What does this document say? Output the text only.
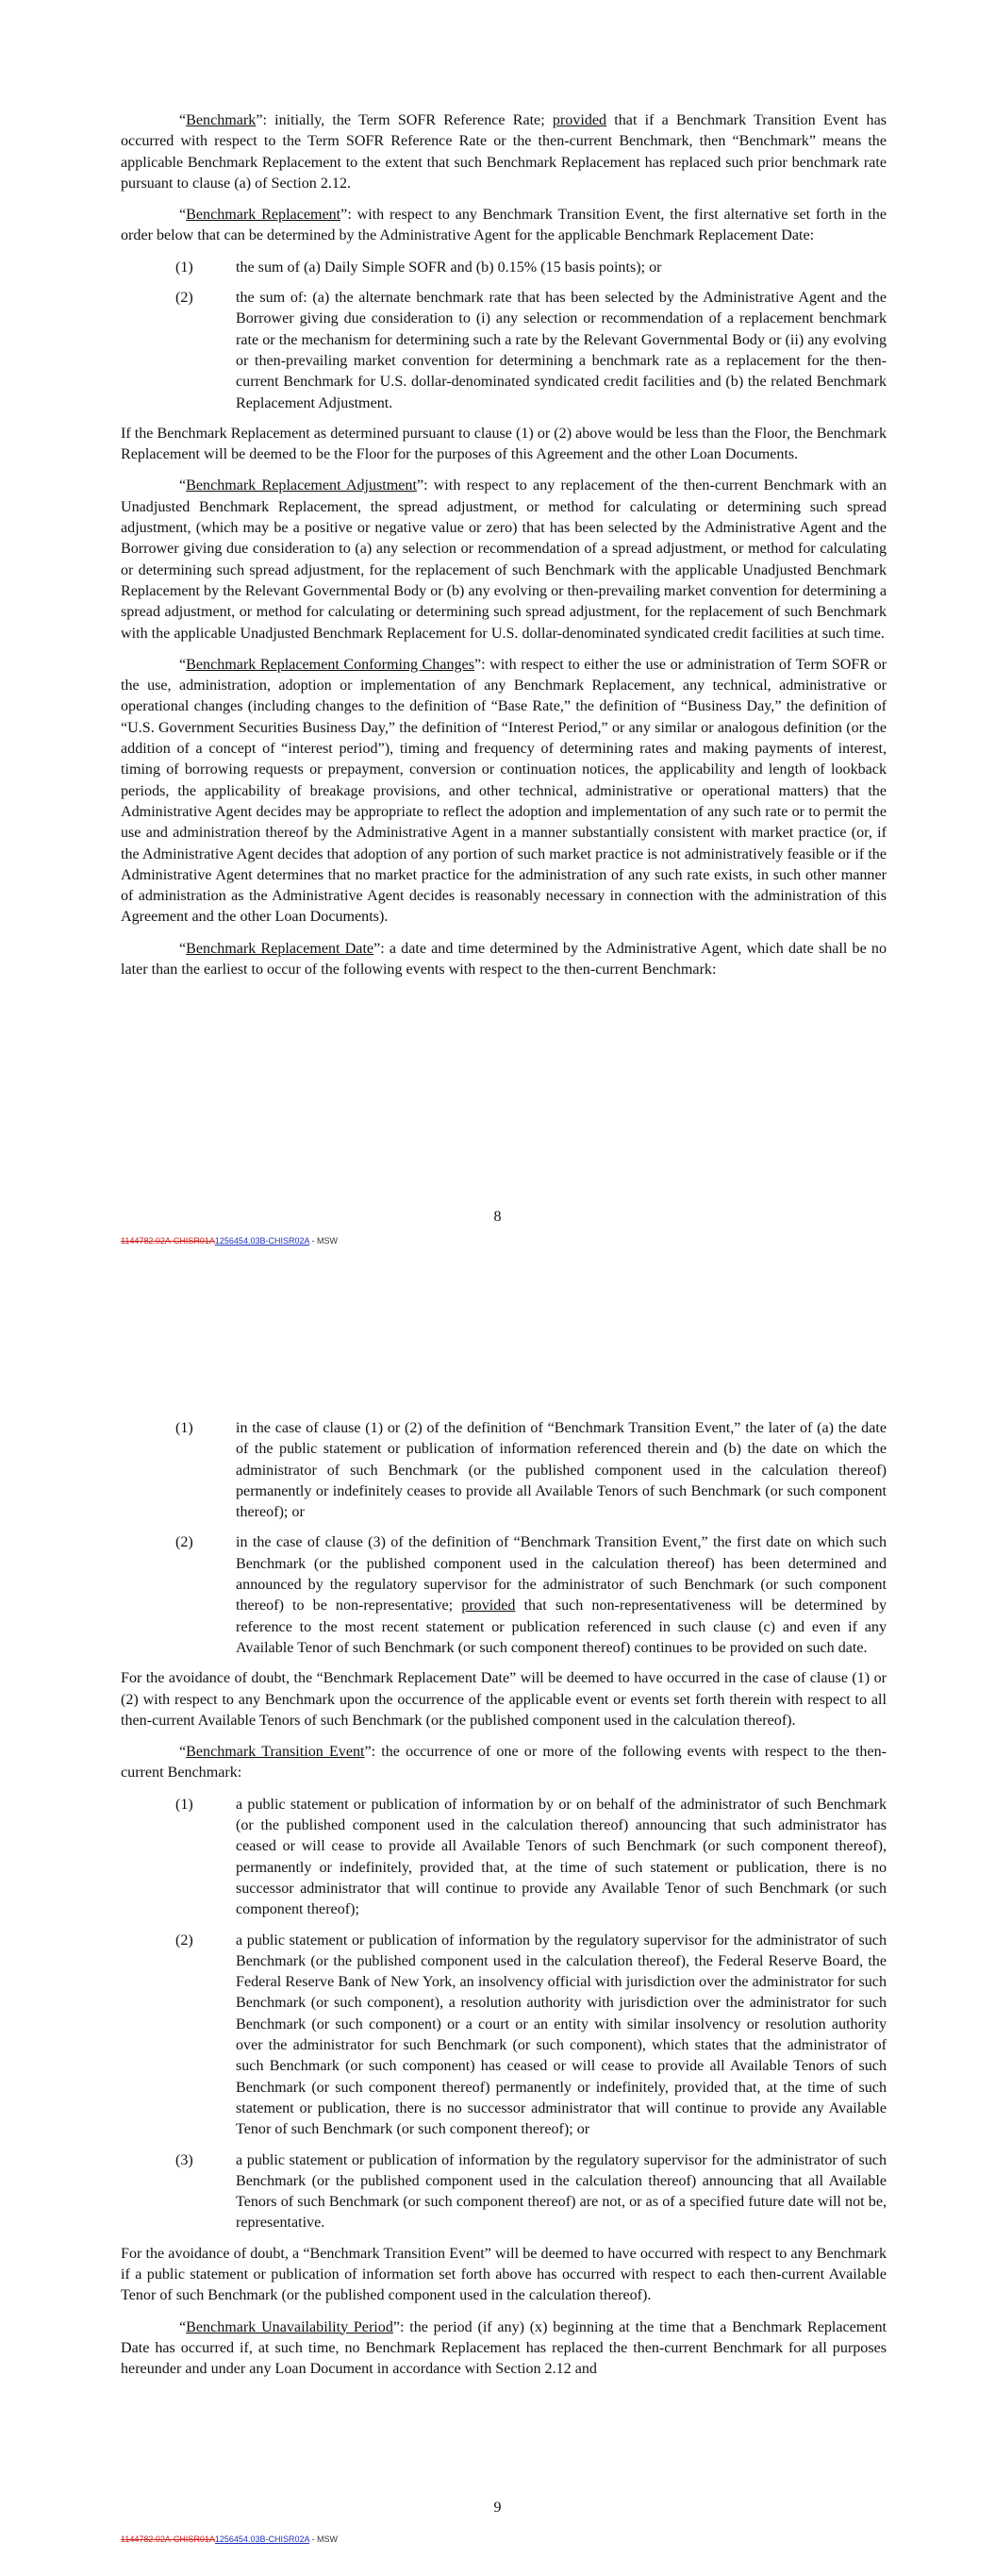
“Benchmark”: initially, the Term SOFR Reference Rate; provided that if a Benchmark Transition Event has occurred with respect to the Term SOFR Reference Rate or the then-current Benchmark, then “Benchmark” means the applicable Benchmark Replacement to the extent that such Benchmark Replacement has replaced such prior benchmark rate pursuant to clause (a) of Section 2.12.

“Benchmark Replacement”: with respect to any Benchmark Transition Event, the first alternative set forth in the order below that can be determined by the Administrative Agent for the applicable Benchmark Replacement Date:

(1)	the sum of (a) Daily Simple SOFR and (b) 0.15% (15 basis points); or
(2)	the sum of: (a) the alternate benchmark rate that has been selected by the Administrative Agent and the Borrower giving due consideration to (i) any selection or recommendation of a replacement benchmark rate or the mechanism for determining such a rate by the Relevant Governmental Body or (ii) any evolving or then-prevailing market convention for determining a benchmark rate as a replacement for the then-current Benchmark for U.S. dollar-denominated syndicated credit facilities and (b) the related Benchmark Replacement Adjustment.

If the Benchmark Replacement as determined pursuant to clause (1) or (2) above would be less than the Floor, the Benchmark Replacement will be deemed to be the Floor for the purposes of this Agreement and the other Loan Documents.

“Benchmark Replacement Adjustment”: with respect to any replacement of the then-current Benchmark with an Unadjusted Benchmark Replacement, the spread adjustment, or method for calculating or determining such spread adjustment, (which may be a positive or negative value or zero) that has been selected by the Administrative Agent and the Borrower giving due consideration to (a) any selection or recommendation of a spread adjustment, or method for calculating or determining such spread adjustment, for the replacement of such Benchmark with the applicable Unadjusted Benchmark Replacement by the Relevant Governmental Body or (b) any evolving or then-prevailing market convention for determining a spread adjustment, or method for calculating or determining such spread adjustment, for the replacement of such Benchmark with the applicable Unadjusted Benchmark Replacement for U.S. dollar-denominated syndicated credit facilities at such time.

“Benchmark Replacement Conforming Changes”: with respect to either the use or administration of Term SOFR or the use, administration, adoption or implementation of any Benchmark Replacement, any technical, administrative or operational changes (including changes to the definition of “Base Rate,” the definition of “Business Day,” the definition of “U.S. Government Securities Business Day,” the definition of “Interest Period,” or any similar or analogous definition (or the addition of a concept of “interest period”), timing and frequency of determining rates and making payments of interest, timing of borrowing requests or prepayment, conversion or continuation notices, the applicability and length of lookback periods, the applicability of breakage provisions, and other technical, administrative or operational matters) that the Administrative Agent decides may be appropriate to reflect the adoption and implementation of any such rate or to permit the use and administration thereof by the Administrative Agent in a manner substantially consistent with market practice (or, if the Administrative Agent decides that adoption of any portion of such market practice is not administratively feasible or if the Administrative Agent determines that no market practice for the administration of any such rate exists, in such other manner of administration as the Administrative Agent decides is reasonably necessary in connection with the administration of this Agreement and the other Loan Documents).

“Benchmark Replacement Date”: a date and time determined by the Administrative Agent, which date shall be no later than the earliest to occur of the following events with respect to the then-current Benchmark:

8
1144782.02A-CHISR01A1256454.03B-CHISR02A - MSW
(1)	in the case of clause (1) or (2) of the definition of “Benchmark Transition Event,” the later of (a) the date of the public statement or publication of information referenced therein and (b) the date on which the administrator of such Benchmark (or the published component used in the calculation thereof) permanently or indefinitely ceases to provide all Available Tenors of such Benchmark (or such component thereof); or
(2)	in the case of clause (3) of the definition of “Benchmark Transition Event,” the first date on which such Benchmark (or the published component used in the calculation thereof) has been determined and announced by the regulatory supervisor for the administrator of such Benchmark (or such component thereof) to be non-representative; provided that such non-representativeness will be determined by reference to the most recent statement or publication referenced in such clause (c) and even if any Available Tenor of such Benchmark (or such component thereof) continues to be provided on such date.

For the avoidance of doubt, the “Benchmark Replacement Date” will be deemed to have occurred in the case of clause (1) or (2) with respect to any Benchmark upon the occurrence of the applicable event or events set forth therein with respect to all then-current Available Tenors of such Benchmark (or the published component used in the calculation thereof).

“Benchmark Transition Event”: the occurrence of one or more of the following events with respect to the then-current Benchmark:

(1)	a public statement or publication of information by or on behalf of the administrator of such Benchmark (or the published component used in the calculation thereof) announcing that such administrator has ceased or will cease to provide all Available Tenors of such Benchmark (or such component thereof), permanently or indefinitely, provided that, at the time of such statement or publication, there is no successor administrator that will continue to provide any Available Tenor of such Benchmark (or such component thereof);
(2)	a public statement or publication of information by the regulatory supervisor for the administrator of such Benchmark (or the published component used in the calculation thereof), the Federal Reserve Board, the Federal Reserve Bank of New York, an insolvency official with jurisdiction over the administrator for such Benchmark (or such component), a resolution authority with jurisdiction over the administrator for such Benchmark (or such component) or a court or an entity with similar insolvency or resolution authority over the administrator for such Benchmark (or such component), which states that the administrator of such Benchmark (or such component) has ceased or will cease to provide all Available Tenors of such Benchmark (or such component thereof) permanently or indefinitely, provided that, at the time of such statement or publication, there is no successor administrator that will continue to provide any Available Tenor of such Benchmark (or such component thereof); or
(3)	a public statement or publication of information by the regulatory supervisor for the administrator of such Benchmark (or the published component used in the calculation thereof) announcing that all Available Tenors of such Benchmark (or such component thereof) are not, or as of a specified future date will not be, representative.

For the avoidance of doubt, a “Benchmark Transition Event” will be deemed to have occurred with respect to any Benchmark if a public statement or publication of information set forth above has occurred with respect to each then-current Available Tenor of such Benchmark (or the published component used in the calculation thereof).

“Benchmark Unavailability Period”: the period (if any) (x) beginning at the time that a Benchmark Replacement Date has occurred if, at such time, no Benchmark Replacement has replaced the then-current Benchmark for all purposes hereunder and under any Loan Document in accordance with Section 2.12 and

9
1144782.02A-CHISR01A1256454.03B-CHISR02A - MSW
